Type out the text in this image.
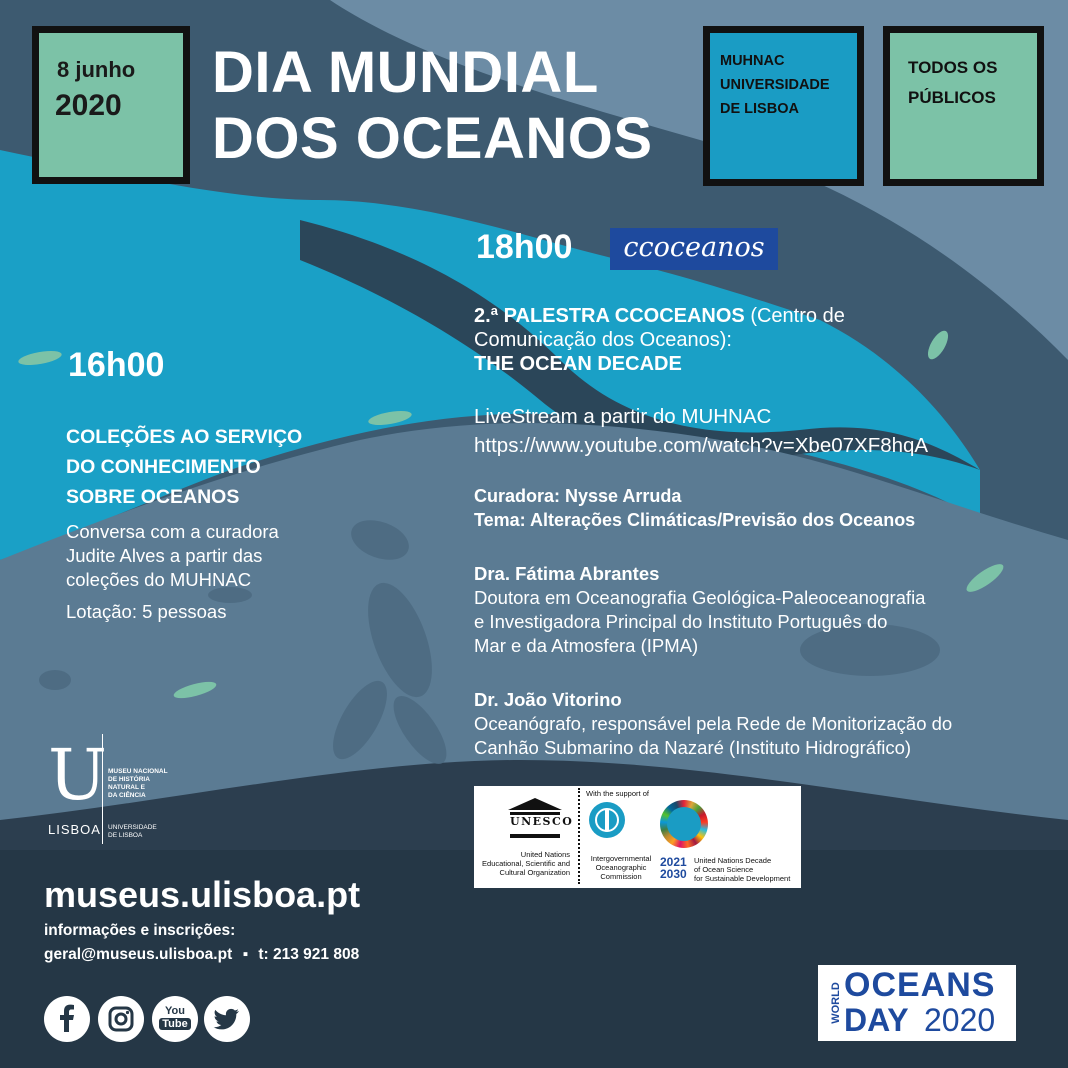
8 junho
2020
DIA MUNDIAL
DOS OCEANOS
MUHNAC
UNIVERSIDADE
DE LISBOA
TODOS OS
PÚBLICOS
18h00	ccoceanos
2.ª PALESTRA CCOCEANOS (Centro de
Comunicação dos Oceanos):
THE OCEAN DECADE
LiveStream a partir do MUHNAC
https://www.youtube.com/watch?v=Xbe07XF8hqA
Curadora: Nysse Arruda
Tema: Alterações Climáticas/Previsão dos Oceanos
Dra. Fátima Abrantes
Doutora em Oceanografia Geológica-Paleoceanografia
e Investigadora Principal do Instituto Português do
Mar e da Atmosfera (IPMA)
Dr. João Vitorino
Oceanógrafo, responsável pela Rede de Monitorização do
Canhão Submarino da Nazaré (Instituto Hidrográfico)
16h00
COLEÇÕES AO SERVIÇO
DO CONHECIMENTO
SOBRE OCEANOS
Conversa com a curadora
Judite Alves a partir das
coleções do MUHNAC
Lotação: 5 pessoas
UNESCO
United Nations
Educational, Scientific and
Cultural Organization
With the support of
Intergovernmental
Oceanographic
Commission
2021
2030
United Nations Decade
of Ocean Science
for Sustainable Development
U
LISBOA
MUSEU NACIONAL
DE HISTÓRIA
NATURAL E
DA CIÊNCIA
UNIVERSIDADE
DE LISBOA
museus.ulisboa.pt
informações e inscrições:
geral@museus.ulisboa.pt ▪ t: 213 921 808
You
Tube
WORLD OCEANS
DAY 2020
